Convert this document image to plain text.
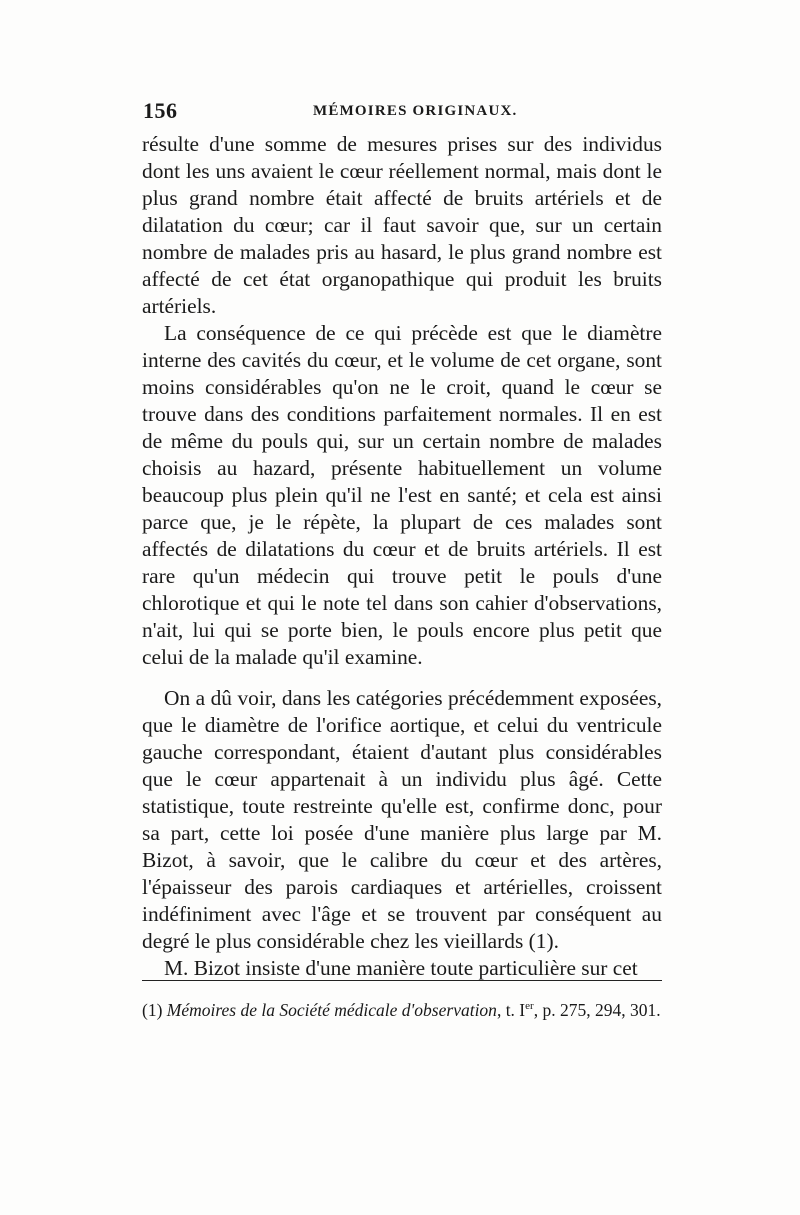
156	MÉMOIRES ORIGINAUX.

résulte d'une somme de mesures prises sur des individus dont les uns avaient le cœur réellement normal, mais dont le plus grand nombre était affecté de bruits artériels et de dilatation du cœur; car il faut savoir que, sur un certain nombre de malades pris au hasard, le plus grand nombre est affecté de cet état organopathique qui produit les bruits artériels.

La conséquence de ce qui précède est que le diamètre interne des cavités du cœur, et le volume de cet organe, sont moins considérables qu'on ne le croit, quand le cœur se trouve dans des conditions parfaitement normales. Il en est de même du pouls qui, sur un certain nombre de malades choisis au hazard, présente habituellement un volume beaucoup plus plein qu'il ne l'est en santé; et cela est ainsi parce que, je le répète, la plupart de ces malades sont affectés de dilatations du cœur et de bruits artériels. Il est rare qu'un médecin qui trouve petit le pouls d'une chlorotique et qui le note tel dans son cahier d'observations, n'ait, lui qui se porte bien, le pouls encore plus petit que celui de la malade qu'il examine.

On a dû voir, dans les catégories précédemment exposées, que le diamètre de l'orifice aortique, et celui du ventricule gauche correspondant, étaient d'autant plus considérables que le cœur appartenait à un individu plus âgé. Cette statistique, toute restreinte qu'elle est, confirme donc, pour sa part, cette loi posée d'une manière plus large par M. Bizot, à savoir, que le calibre du cœur et des artères, l'épaisseur des parois cardiaques et artérielles, croissent indéfiniment avec l'âge et se trouvent par conséquent au degré le plus considérable chez les vieillards (1).

M. Bizot insiste d'une manière toute particulière sur cet

(1) Mémoires de la Société médicale d'observation, t. Ier, p. 275, 294, 301.
